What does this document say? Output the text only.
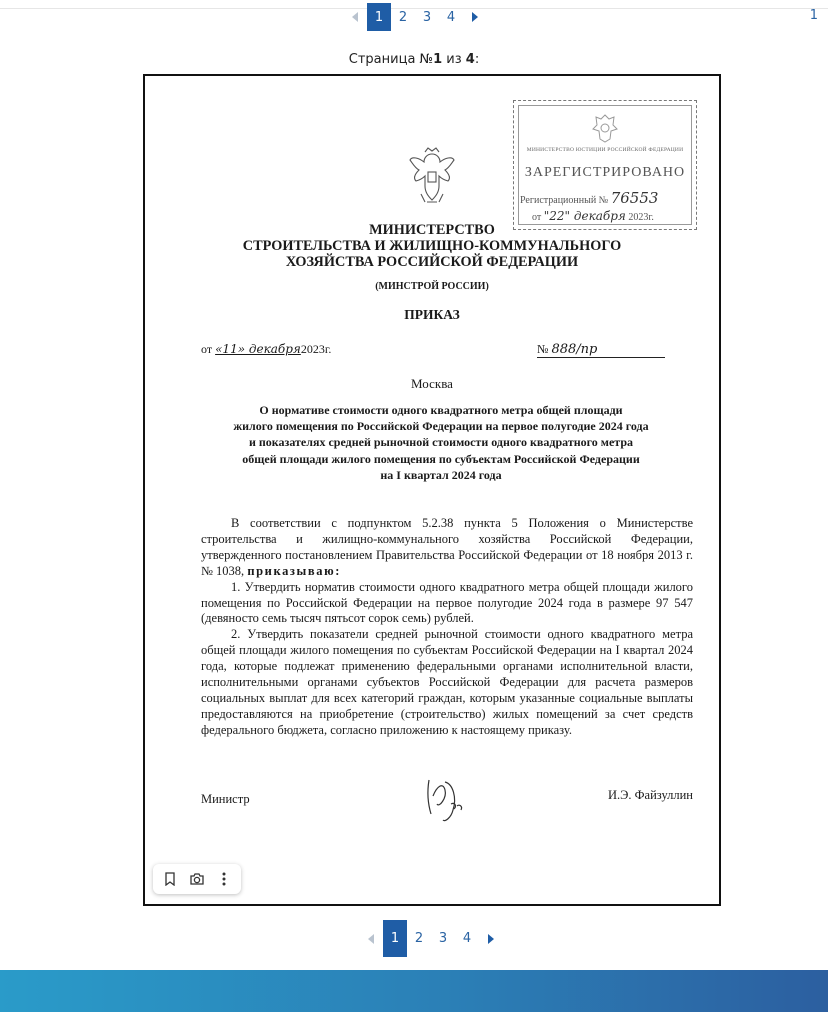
1	2	3	4	1
Страница №1 из 4:
МИНИСТЕРСТВО ЮСТИЦИИ РОССИЙСКОЙ ФЕДЕРАЦИИ
ЗАРЕГИСТРИРОВАНО
Регистрационный № 76553
от "22" декабря 2023г.
МИНИСТЕРСТВО
СТРОИТЕЛЬСТВА И ЖИЛИЩНО-КОММУНАЛЬНОГО
ХОЗЯЙСТВА РОССИЙСКОЙ ФЕДЕРАЦИИ
(МИНСТРОЙ РОССИИ)
ПРИКАЗ
от «11» декабря2023г.	№ 888/пр
Москва
О нормативе стоимости одного квадратного метра общей площади
жилого помещения по Российской Федерации на первое полугодие 2024 года
и показателях средней рыночной стоимости одного квадратного метра
общей площади жилого помещения по субъектам Российской Федерации
на I квартал 2024 года

В соответствии с подпунктом 5.2.38 пункта 5 Положения о Министерстве строительства и жилищно-коммунального хозяйства Российской Федерации, утвержденного постановлением Правительства Российской Федерации от 18 ноября 2013 г. № 1038, приказываю:

1. Утвердить норматив стоимости одного квадратного метра общей площади жилого помещения по Российской Федерации на первое полугодие 2024 года в размере 97 547 (девяносто семь тысяч пятьсот сорок семь) рублей.

2. Утвердить показатели средней рыночной стоимости одного квадратного метра общей площади жилого помещения по субъектам Российской Федерации на I квартал 2024 года, которые подлежат применению федеральными органами исполнительной власти, исполнительными органами субъектов Российской Федерации для расчета размеров социальных выплат для всех категорий граждан, которым указанные социальные выплаты предоставляются на приобретение (строительство) жилых помещений за счет средств федерального бюджета, согласно приложению к настоящему приказу.

Министр	И.Э. Файзуллин
1	2	3	4
